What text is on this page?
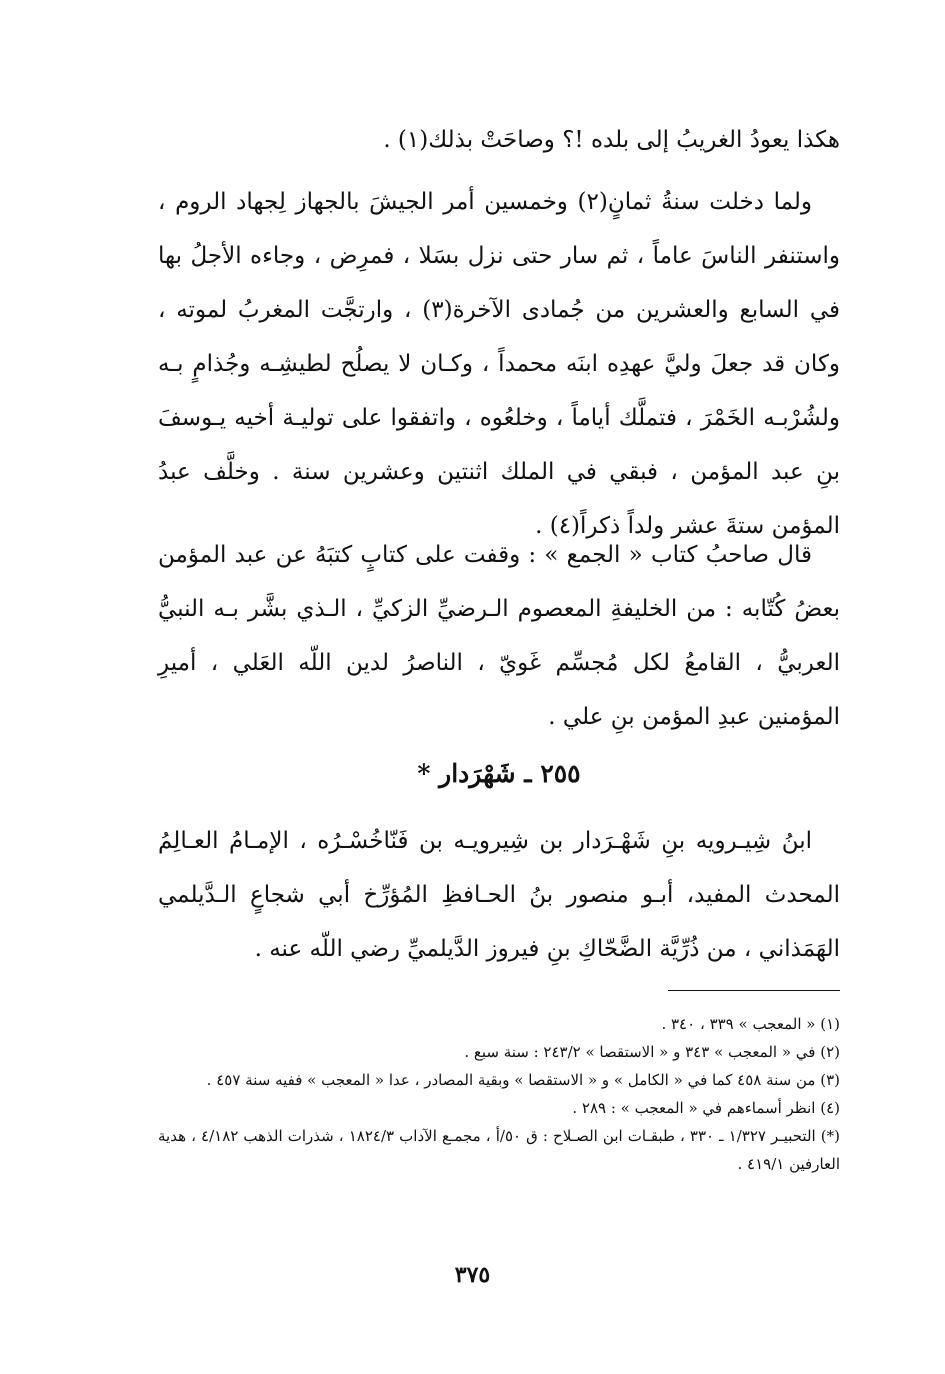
هكذا يعودُ الغريبُ إلى بلده !؟ وصاحَتْ بذلك(١) .
ولما دخلت سنةُ ثمانٍ(٢) وخمسين أمر الجيشَ بالجهاز لِجهاد الروم ، واستنفر الناسَ عاماً ، ثم سار حتى نزل بسَلا ، فمرِض ، وجاءه الأجلُ بها في السابع والعشرين من جُمادى الآخرة(٣) ، وارتجَّت المغربُ لموته ، وكان قد جعلَ وليَّ عهدِه ابنَه محمداً ، وكـان لا يصلُح لطيشِـه وجُذامٍ بـه ولشُرْبـه الخَمْرَ ، فتملَّك أياماً ، وخلعُوه ، واتفقوا على توليـة أخيه يـوسفَ بنِ عبد المؤمن ، فبقي في الملك اثنتين وعشرين سنة . وخلَّف عبدُ المؤمن ستةَ عشر ولداً ذكراً(٤) .
قال صاحبُ كتاب « الجمع » : وقفت على كتابٍ كتبَهُ عن عبد المؤمن بعضُ كُتّابه : من الخليفةِ المعصوم الـرضيِّ الزكيِّ ، الـذي بشَّر بـه النبيُّ العربيُّ ، القامعُ لكل مُجسِّم غَويّ ، الناصرُ لدين اللّه العَلي ، أميرِ المؤمنين عبدِ المؤمن بنِ علي .
٢٥٥ ـ شَهْرَدار *
ابنُ شِيـرويه بنِ شَهْـرَدار بن شِيرويـه بن فَنّاخُسْـرُه ، الإمـامُ العـالِمُ المحدث المفيد، أبـو منصور بنُ الحـافظِ المُؤرِّخ أبي شجاعٍ الـدَّيلمي الهَمَذاني ، من ذُرِّيَّة الضَّحّاكِ بنِ فيروز الدَّيلميِّ رضي اللّه عنه .
(١) « المعجب » ٣٣٩ ، ٣٤٠ .
(٢) في « المعجب » ٣٤٣ و « الاستقصا » ٢٤٣/٢ : سنة سبع .
(٣) من سنة ٤٥٨ كما في « الكامل » و « الاستقصا » وبقية المصادر ، عدا « المعجب » ففيه سنة ٤٥٧ .
(٤) انظر أسماءهم في « المعجب » : ٢٨٩ .
(*) التحبيـر ١/٣٢٧ ـ ٣٣٠ ، طبقـات ابن الصـلاح : ق ٥٠/أ ، مجمـع الآداب ١٨٢٤/٣ ، شذرات الذهب ٤/١٨٢ ، هدية العارفين ٤١٩/١ .
٣٧٥
